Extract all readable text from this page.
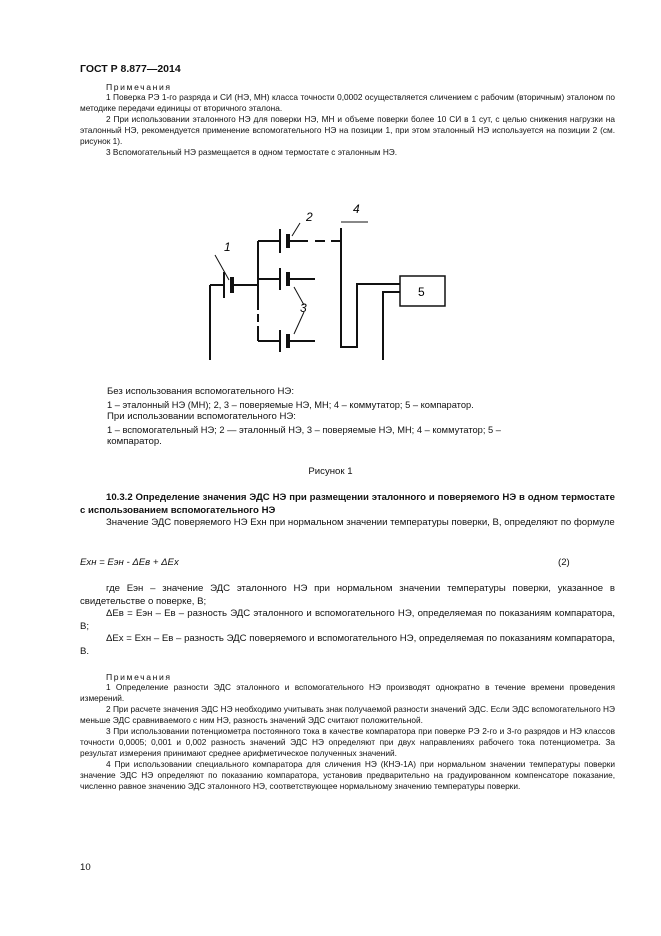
ГОСТ Р 8.877—2014
Примечания

1 Поверка РЭ 1-го разряда и СИ (НЭ, МН) класса точности 0,0002 осуществляется сличением с рабочим (вторичным) эталоном по методике передачи единицы от вторичного эталона.

2 При использовании эталонного НЭ для поверки НЭ, МН и объеме поверки более 10 СИ в 1 сут, с целью снижения нагрузки на эталонный НЭ, рекомендуется применение вспомогательного НЭ на позиции 1, при этом эталонный НЭ используется на позиции 2 (см. рисунок 1).

3 Вспомогательный НЭ размещается в одном термостате с эталонным НЭ.

1
2
4
3
5

Без использования вспомогательного НЭ:

1 – эталонный НЭ (МН); 2, 3 – поверяемые НЭ, МН; 4 – коммутатор; 5 – компаратор.

При использовании вспомогательного НЭ:

1 – вспомогательный НЭ; 2 — эталонный НЭ, 3 – поверяемые НЭ, МН; 4 – коммутатор; 5 –

компаратор.

Рисунок 1

10.3.2 Определение значения ЭДС НЭ при размещении эталонного и поверяемого НЭ в одном термостате с использованием вспомогательного НЭ

Значение ЭДС поверяемого НЭ Eхн при нормальном значении температуры поверки, В, определяют по формуле

Eхн = Eэн - ΔEв + ΔEx	(2)

где Eэн – значение ЭДС эталонного НЭ при нормальном значении температуры поверки, указанное в свидетельстве о поверке, В;

ΔEв = Eэн – Eв – разность ЭДС эталонного и вспомогательного НЭ, определяемая по показаниям компаратора, В;

ΔEx = Eхн – Eв – разность ЭДС поверяемого и вспомогательного НЭ, определяемая по показаниям компаратора, В.

Примечания

1 Определение разности ЭДС эталонного и вспомогательного НЭ производят однократно в течение времени проведения измерений.

2 При расчете значения ЭДС НЭ необходимо учитывать знак получаемой разности значений ЭДС. Если ЭДС вспомогательного НЭ меньше ЭДС сравниваемого с ним НЭ, разность значений ЭДС считают положительной.

3 При использовании потенциометра постоянного тока в качестве компаратора при поверке РЭ 2-го и 3-го разрядов и НЭ классов точности 0,0005; 0,001 и 0,002 разность значений ЭДС НЭ определяют при двух направлениях рабочего тока потенциометра. За результат измерения принимают среднее арифметическое полученных значений.

4 При использовании специального компаратора для сличения НЭ (КНЭ-1А) при нормальном значении температуры поверки значение ЭДС НЭ определяют по показанию компаратора, установив предварительно на градуированном компенсаторе показание, численно равное значению ЭДС эталонного НЭ, соответствующее нормальному значению температуры поверки.

10
